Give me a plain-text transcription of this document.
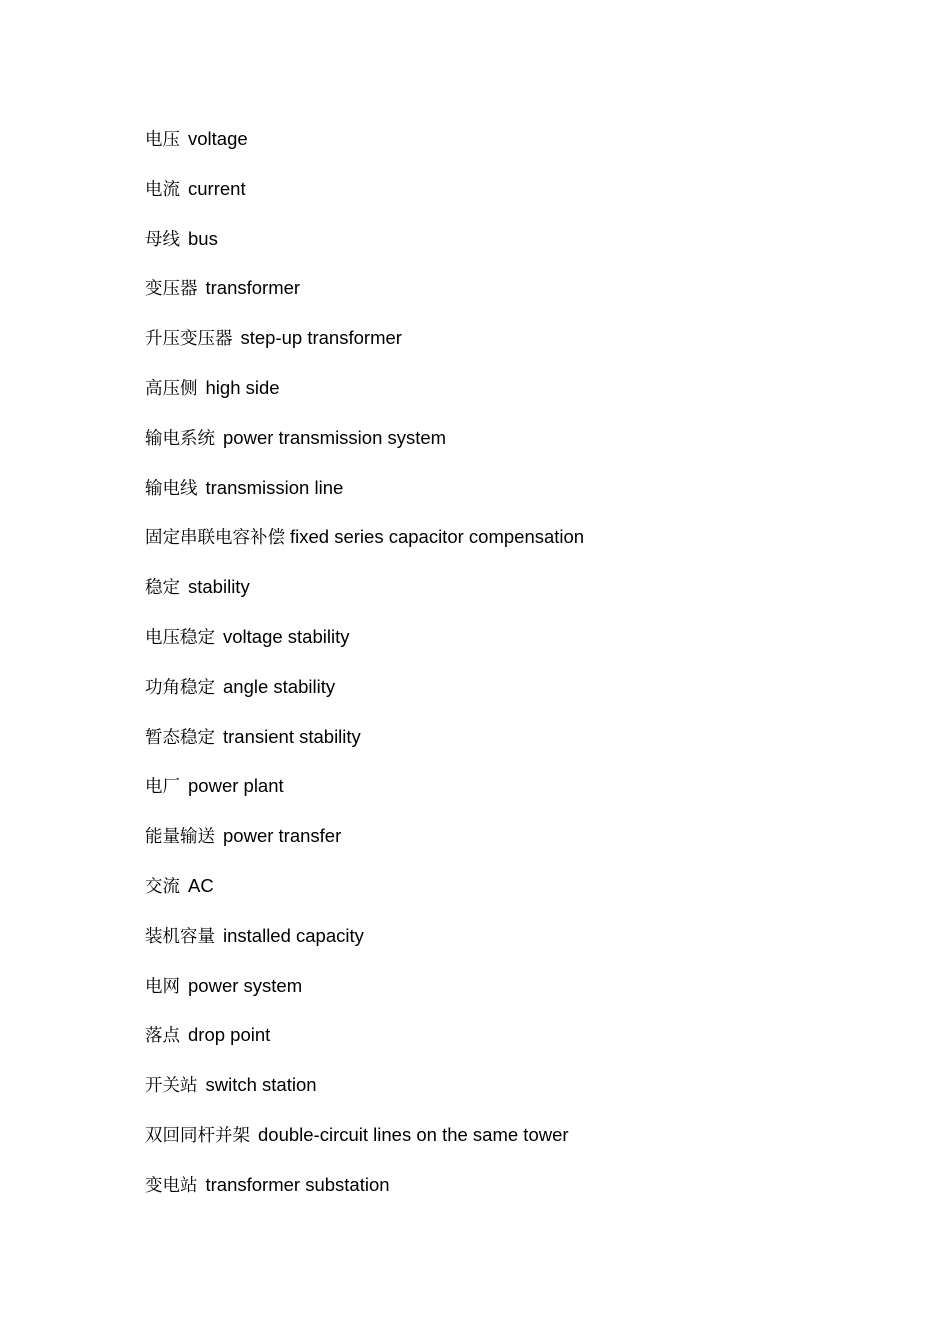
电压 voltage
电流 current
母线 bus
变压器 transformer
升压变压器 step-up transformer
高压侧 high side
输电系统 power transmission system
输电线 transmission line
固定串联电容补偿 fixed series capacitor compensation
稳定 stability
电压稳定 voltage stability
功角稳定 angle stability
暂态稳定 transient stability
电厂 power plant
能量输送 power transfer
交流 AC
装机容量 installed capacity
电网 power system
落点 drop point
开关站 switch station
双回同杆并架 double-circuit lines on the same tower
变电站 transformer substation
